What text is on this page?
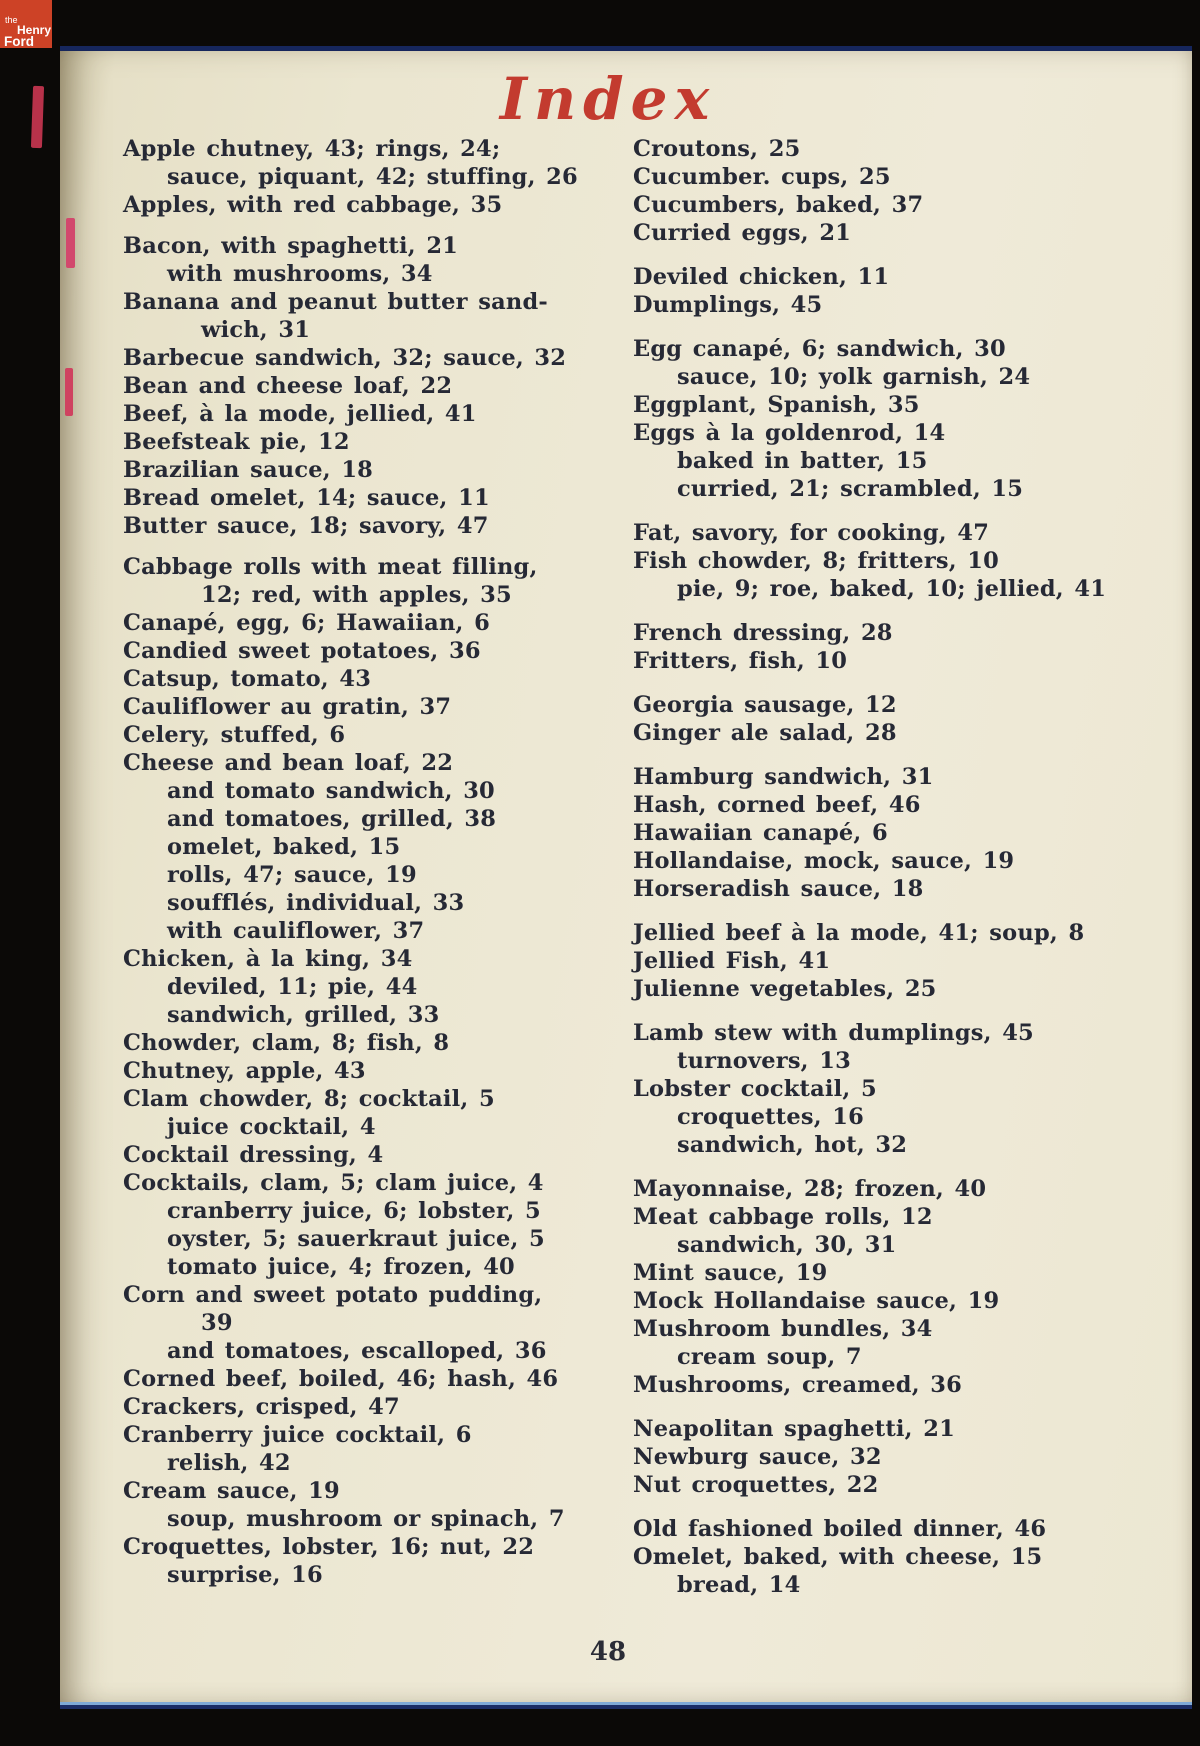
Index
Apple chutney, 43; rings, 24;
sauce, piquant, 42; stuffing, 26
Apples, with red cabbage, 35
Bacon, with spaghetti, 21
with mushrooms, 34
Banana and peanut butter sand-
wich, 31
Barbecue sandwich, 32; sauce, 32
Bean and cheese loaf, 22
Beef, à la mode, jellied, 41
Beefsteak pie, 12
Brazilian sauce, 18
Bread omelet, 14; sauce, 11
Butter sauce, 18; savory, 47
Cabbage rolls with meat filling,
12; red, with apples, 35
Canapé, egg, 6; Hawaiian, 6
Candied sweet potatoes, 36
Catsup, tomato, 43
Cauliflower au gratin, 37
Celery, stuffed, 6
Cheese and bean loaf, 22
and tomato sandwich, 30
and tomatoes, grilled, 38
omelet, baked, 15
rolls, 47; sauce, 19
soufflés, individual, 33
with cauliflower, 37
Chicken, à la king, 34
deviled, 11; pie, 44
sandwich, grilled, 33
Chowder, clam, 8; fish, 8
Chutney, apple, 43
Clam chowder, 8; cocktail, 5
juice cocktail, 4
Cocktail dressing, 4
Cocktails, clam, 5; clam juice, 4
cranberry juice, 6; lobster, 5
oyster, 5; sauerkraut juice, 5
tomato juice, 4; frozen, 40
Corn and sweet potato pudding,
39
and tomatoes, escalloped, 36
Corned beef, boiled, 46; hash, 46
Crackers, crisped, 47
Cranberry juice cocktail, 6
relish, 42
Cream sauce, 19
soup, mushroom or spinach, 7
Croquettes, lobster, 16; nut, 22
surprise, 16
Croutons, 25
Cucumber. cups, 25
Cucumbers, baked, 37
Curried eggs, 21
Deviled chicken, 11
Dumplings, 45
Egg canapé, 6; sandwich, 30
sauce, 10; yolk garnish, 24
Eggplant, Spanish, 35
Eggs à la goldenrod, 14
baked in batter, 15
curried, 21; scrambled, 15
Fat, savory, for cooking, 47
Fish chowder, 8; fritters, 10
pie, 9; roe, baked, 10; jellied, 41
French dressing, 28
Fritters, fish, 10
Georgia sausage, 12
Ginger ale salad, 28
Hamburg sandwich, 31
Hash, corned beef, 46
Hawaiian canapé, 6
Hollandaise, mock, sauce, 19
Horseradish sauce, 18
Jellied beef à la mode, 41; soup, 8
Jellied Fish, 41
Julienne vegetables, 25
Lamb stew with dumplings, 45
turnovers, 13
Lobster cocktail, 5
croquettes, 16
sandwich, hot, 32
Mayonnaise, 28; frozen, 40
Meat cabbage rolls, 12
sandwich, 30, 31
Mint sauce, 19
Mock Hollandaise sauce, 19
Mushroom bundles, 34
cream soup, 7
Mushrooms, creamed, 36
Neapolitan spaghetti, 21
Newburg sauce, 32
Nut croquettes, 22
Old fashioned boiled dinner, 46
Omelet, baked, with cheese, 15
bread, 14
48
the
Henry
Ford
